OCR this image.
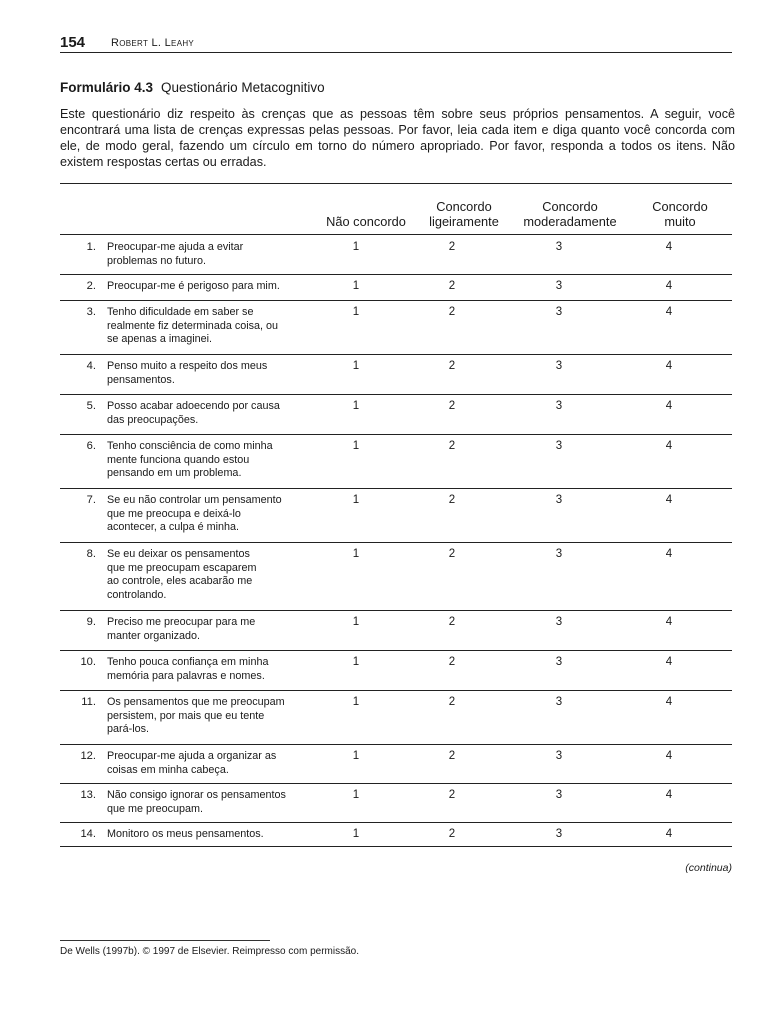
154 Robert L. Leahy
Formulário 4.3 Questionário Metacognitivo
Este questionário diz respeito às crenças que as pessoas têm sobre seus próprios pensamentos. A seguir, você encontrará uma lista de crenças expressas pelas pessoas. Por favor, leia cada item e diga quanto você concorda com ele, de modo geral, fazendo um círculo em torno do número apropriado. Por favor, responda a todos os itens. Não existem respostas certas ou erradas.

Não concordo
Concordo
ligeiramente
Concordo
moderadamente
Concordo
muito
1. Preocupar-me ajuda a evitar
problemas no futuro.
1	2	3	4
2. Preocupar-me é perigoso para mim.	1	2	3	4
3. Tenho dificuldade em saber se
realmente fiz determinada coisa, ou
se apenas a imaginei.
1	2	3	4
4. Penso muito a respeito dos meus
pensamentos.
1	2	3	4
5. Posso acabar adoecendo por causa
das preocupações.
1	2	3	4
6. Tenho consciência de como minha
mente funciona quando estou
pensando em um problema.
1	2	3	4
7. Se eu não controlar um pensamento
que me preocupa e deixá-lo
acontecer, a culpa é minha.
1	2	3	4
8. Se eu deixar os pensamentos
que me preocupam escaparem
ao controle, eles acabarão me
controlando.
1	2	3	4
9. Preciso me preocupar para me
manter organizado.
1	2	3	4
10. Tenho pouca confiança em minha
memória para palavras e nomes.
1	2	3	4
11. Os pensamentos que me preocupam
persistem, por mais que eu tente
pará-los.
1	2	3	4
12. Preocupar-me ajuda a organizar as
coisas em minha cabeça.
1	2	3	4
13. Não consigo ignorar os pensamentos
que me preocupam.
1	2	3	4
14. Monitoro os meus pensamentos.	1	2	3	4
(continua)
De Wells (1997b). © 1997 de Elsevier. Reimpresso com permissão.
